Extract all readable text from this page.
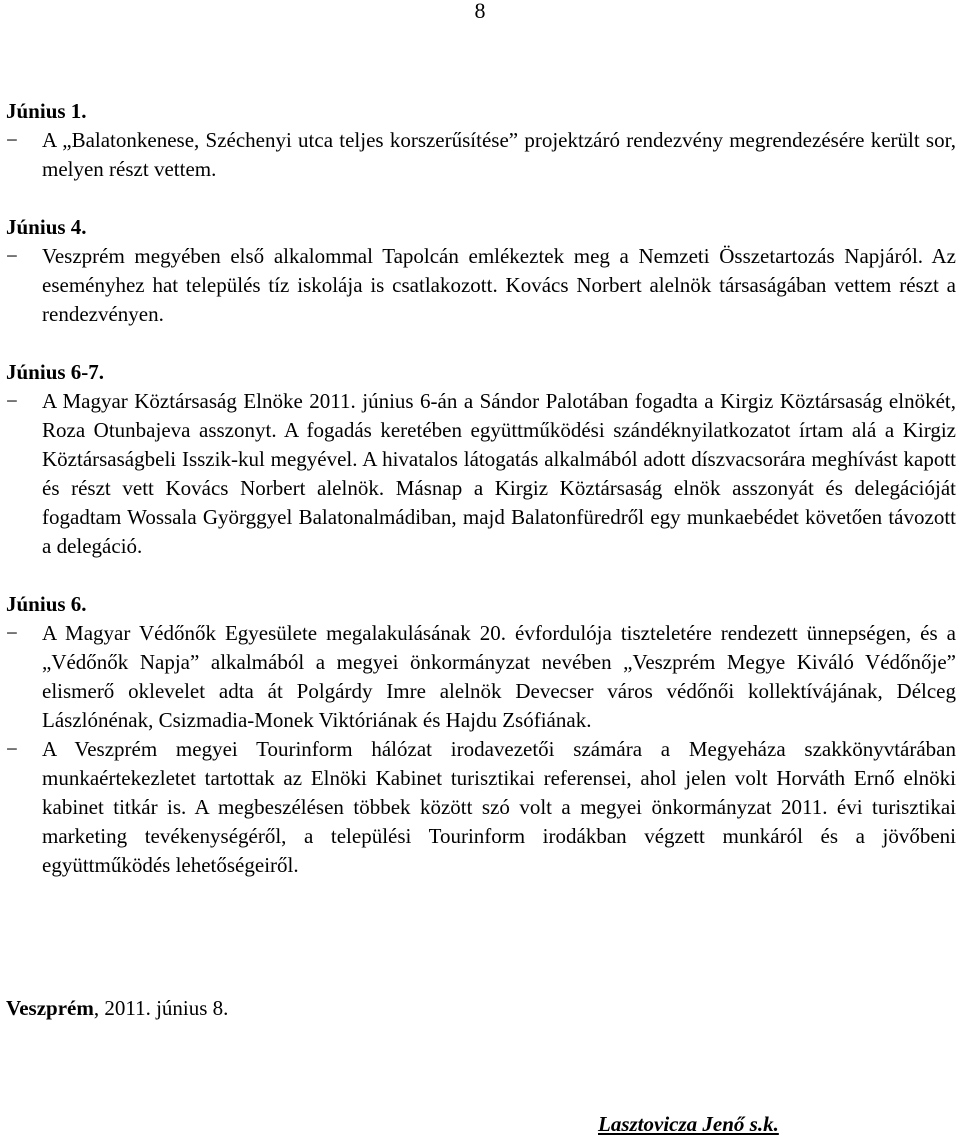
8
Június 1.
− A „Balatonkenese, Széchenyi utca teljes korszerűsítése” projektzáró rendezvény megrendezésére került sor, melyen részt vettem.
Június 4.
− Veszprém megyében első alkalommal Tapolcán emlékeztek meg a Nemzeti Összetartozás Napjáról. Az eseményhez hat település tíz iskolája is csatlakozott. Kovács Norbert alelnök társaságában vettem részt a rendezvényen.
Június 6-7.
− A Magyar Köztársaság Elnöke 2011. június 6-án a Sándor Palotában fogadta a Kirgiz Köztársaság elnökét, Roza Otunbajeva asszonyt. A fogadás keretében együttműködési szándéknyilatkozatot írtam alá a Kirgiz Köztársaságbeli Isszik-kul megyével. A hivatalos látogatás alkalmából adott díszvacsorára meghívást kapott és részt vett Kovács Norbert alelnök. Másnap a Kirgiz Köztársaság elnök asszonyát és delegációját fogadtam Wossala Györggyel Balatonalmádiban, majd Balatonfüredről egy munkaebédet követően távozott a delegáció.
Június 6.
− A Magyar Védőnők Egyesülete megalakulásának 20. évfordulója tiszteletére rendezett ünnepségen, és a „Védőnők Napja” alkalmából a megyei önkormányzat nevében „Veszprém Megye Kiváló Védőnője” elismerő oklevelet adta át Polgárdy Imre alelnök Devecser város védőnői kollektívájának, Délceg Lászlónénak, Csizmadia-Monek Viktóriának és Hajdu Zsófiának.
− A Veszprém megyei Tourinform hálózat irodavezetői számára a Megyeháza szakkönyvtárában munkaértekezletet tartottak az Elnöki Kabinet turisztikai referensei, ahol jelen volt Horváth Ernő elnöki kabinet titkár is. A megbeszélésen többek között szó volt a megyei önkormányzat 2011. évi turisztikai marketing tevékenységéről, a települési Tourinform irodákban végzett munkáról és a jövőbeni együttműködés lehetőségeiről.
Veszprém, 2011. június 8.
Lasztovicza Jenő s.k.
